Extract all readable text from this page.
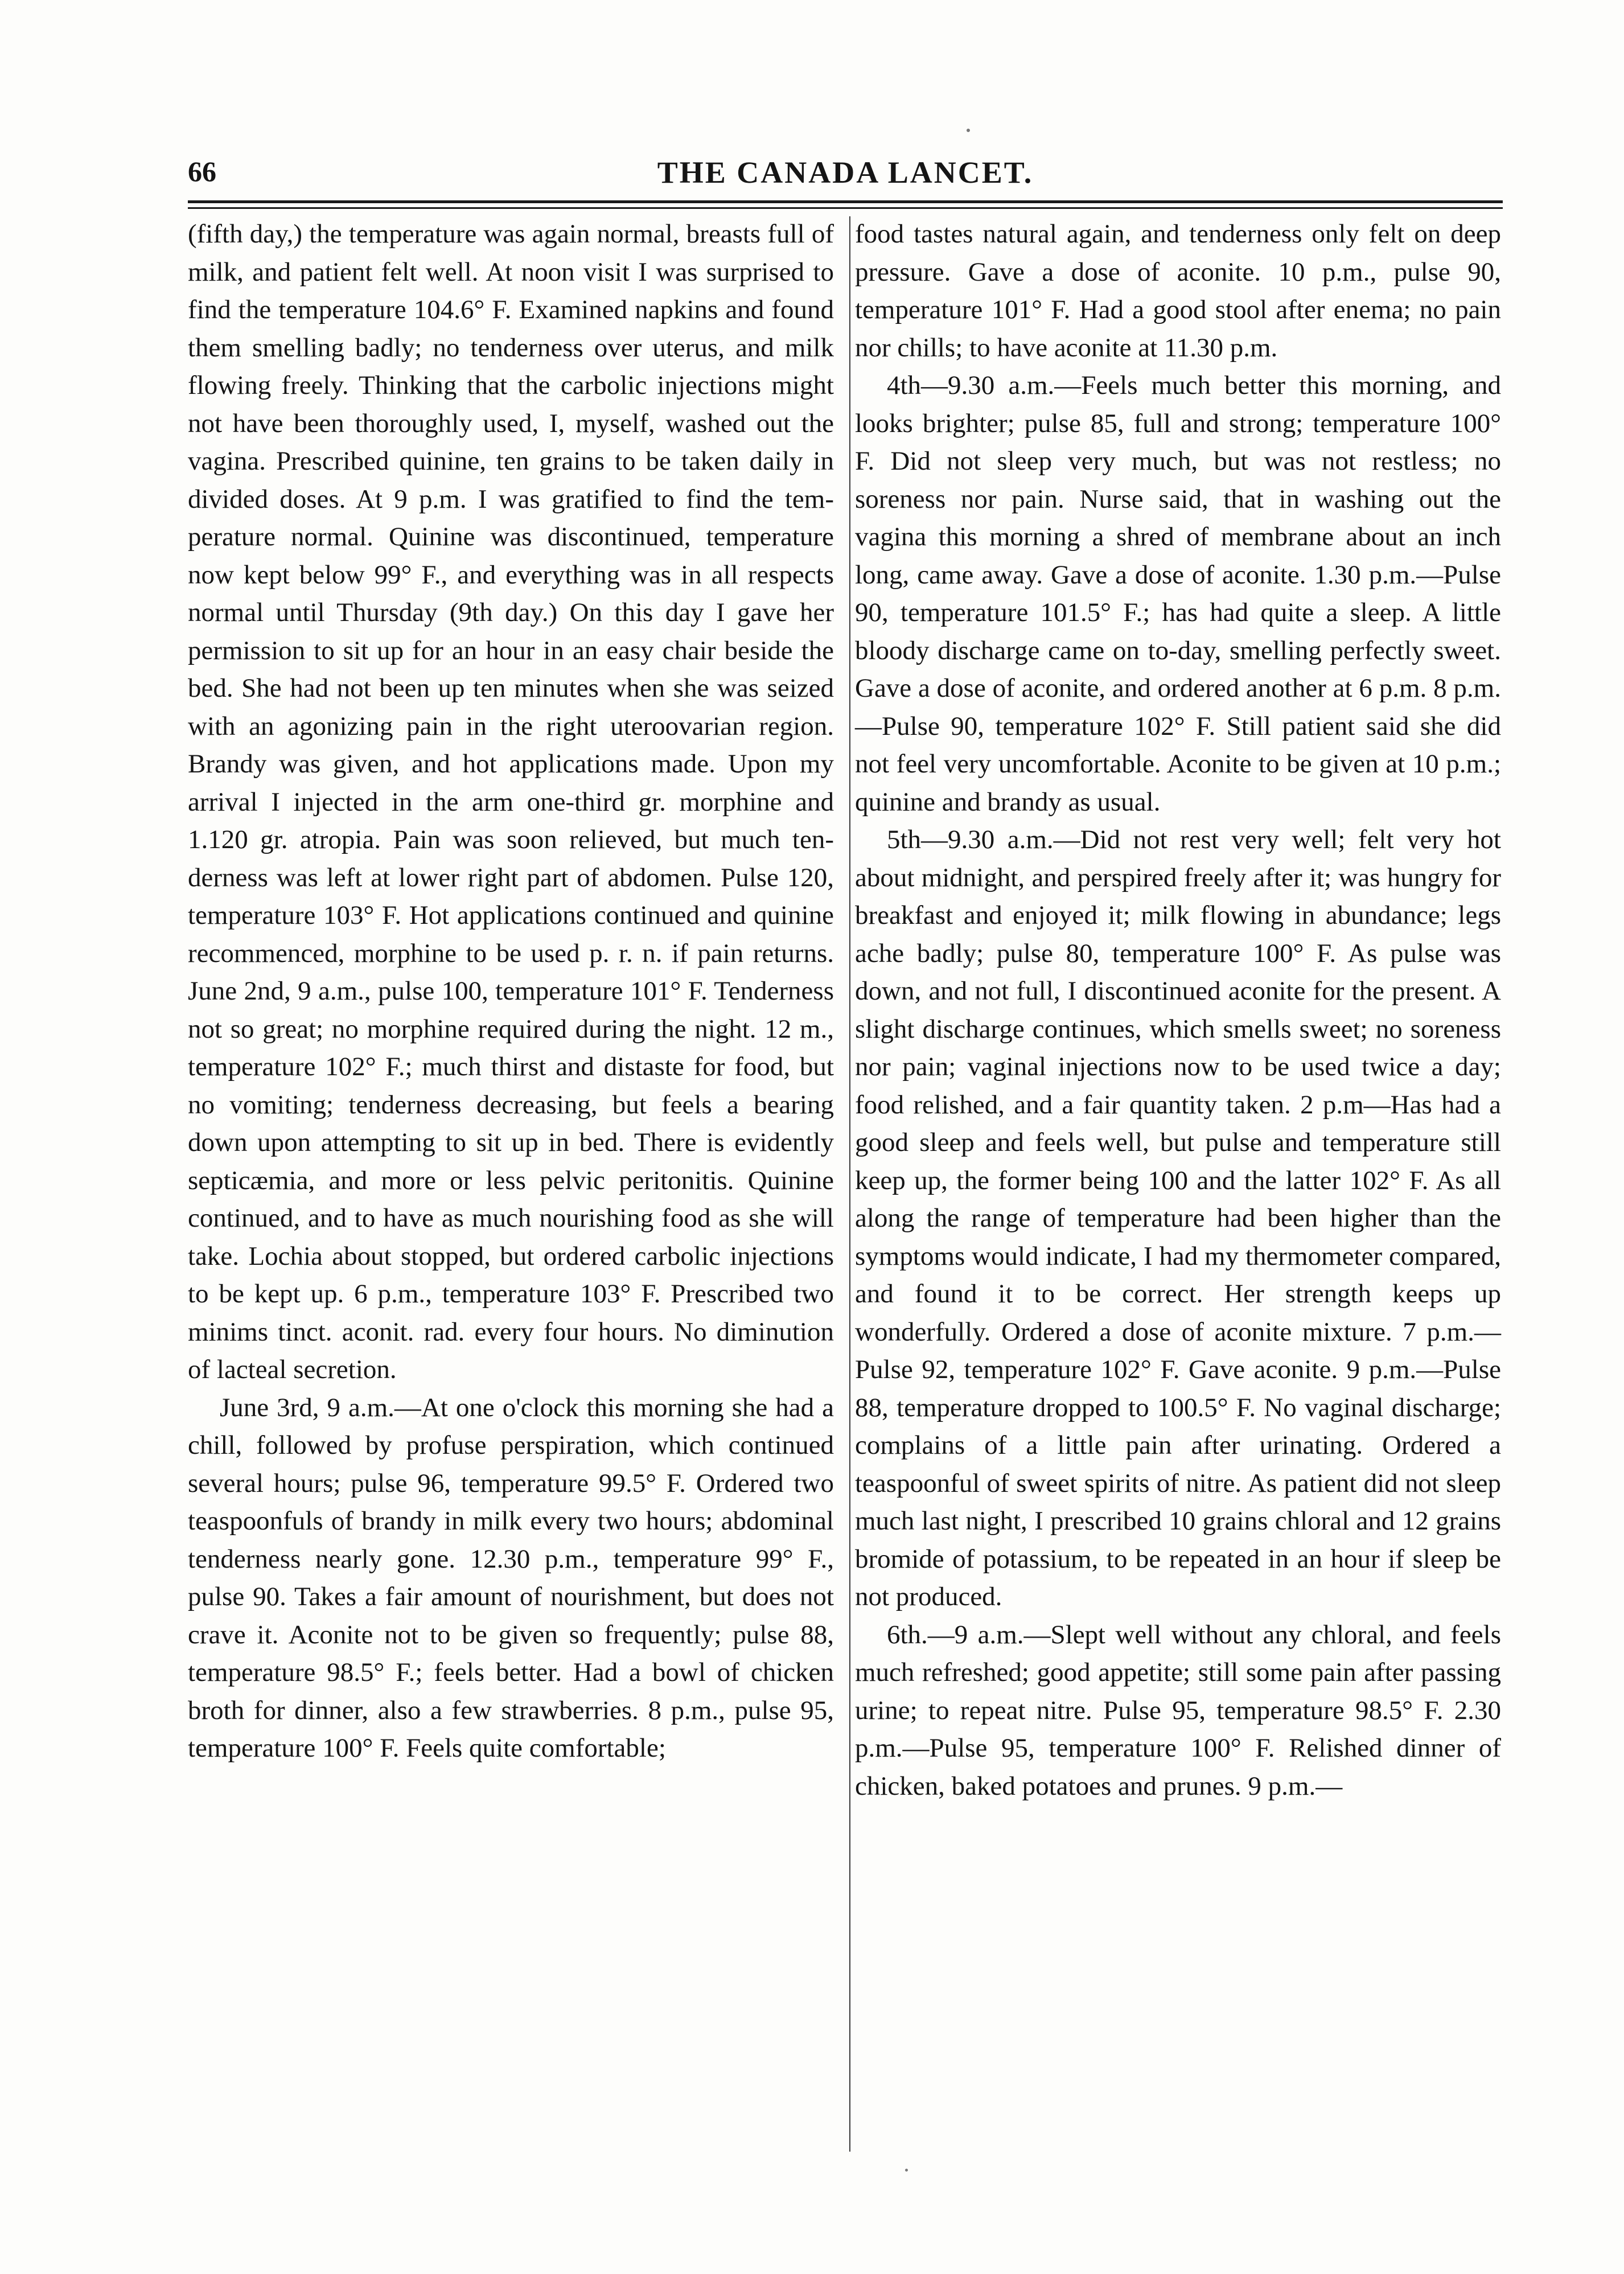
66	THE CANADA LANCET.

(fifth day,) the temperature was again normal, breasts full of milk, and patient felt well. At noon visit I was surprised to find the temperature 104.6° F. Examined napkins and found them smelling badly; no tenderness over uterus, and milk flowing freely. Thinking that the carbolic injections might not have been thoroughly used, I, myself, washed out the vagina. Prescribed quinine, ten grains to be taken daily in divided doses. At 9 p.m. I was gratified to find the temperature normal. Quinine was discontinued, temperature now kept below 99° F., and everything was in all respects normal until Thursday (9th day.) On this day I gave her permission to sit up for an hour in an easy chair beside the bed. She had not been up ten minutes when she was seized with an agonizing pain in the right uteroovarian region. Brandy was given, and hot applications made. Upon my arrival I injected in the arm one-third gr. morphine and 1.120 gr. atropia. Pain was soon relieved, but much tenderness was left at lower right part of abdomen. Pulse 120, temperature 103° F. Hot applications continued and quinine recommenced, morphine to be used p. r. n. if pain returns. June 2nd, 9 a.m., pulse 100, temperature 101° F. Tenderness not so great; no morphine required during the night. 12 m., temperature 102° F.; much thirst and distaste for food, but no vomiting; tenderness decreasing, but feels a bearing down upon attempting to sit up in bed. There is evidently septicæmia, and more or less pelvic peritonitis. Quinine continued, and to have as much nourishing food as she will take. Lochia about stopped, but ordered carbolic injections to be kept up. 6 p.m., temperature 103° F. Prescribed two minims tinct. aconit. rad. every four hours. No diminution of lacteal secretion.

June 3rd, 9 a.m.—At one o'clock this morning she had a chill, followed by profuse perspiration, which continued several hours; pulse 96, temperature 99.5° F. Ordered two teaspoonfuls of brandy in milk every two hours; abdominal tenderness nearly gone. 12.30 p.m., temperature 99° F., pulse 90. Takes a fair amount of nourishment, but does not crave it. Aconite not to be given so frequently; pulse 88, temperature 98.5° F.; feels better. Had a bowl of chicken broth for dinner, also a few strawberries. 8 p.m., pulse 95, temperature 100° F. Feels quite comfortable;

food tastes natural again, and tenderness only felt on deep pressure. Gave a dose of aconite. 10 p.m., pulse 90, temperature 101° F. Had a good stool after enema; no pain nor chills; to have aconite at 11.30 p.m.

4th—9.30 a.m.—Feels much better this morning, and looks brighter; pulse 85, full and strong; temperature 100° F. Did not sleep very much, but was not restless; no soreness nor pain. Nurse said, that in washing out the vagina this morning a shred of membrane about an inch long, came away. Gave a dose of aconite. 1.30 p.m.—Pulse 90, temperature 101.5° F.; has had quite a sleep. A little bloody discharge came on to-day, smelling perfectly sweet. Gave a dose of aconite, and ordered another at 6 p.m. 8 p.m.—Pulse 90, temperature 102° F. Still patient said she did not feel very uncomfortable. Aconite to be given at 10 p.m.; quinine and brandy as usual.

5th—9.30 a.m.—Did not rest very well; felt very hot about midnight, and perspired freely after it; was hungry for breakfast and enjoyed it; milk flowing in abundance; legs ache badly; pulse 80, temperature 100° F. As pulse was down, and not full, I discontinued aconite for the present. A slight discharge continues, which smells sweet; no soreness nor pain; vaginal injections now to be used twice a day; food relished, and a fair quantity taken. 2 p.m—Has had a good sleep and feels well, but pulse and temperature still keep up, the former being 100 and the latter 102° F. As all along the range of temperature had been higher than the symptoms would indicate, I had my thermometer compared, and found it to be correct. Her strength keeps up wonderfully. Ordered a dose of aconite mixture. 7 p.m.—Pulse 92, temperature 102° F. Gave aconite. 9 p.m.—Pulse 88, temperature dropped to 100.5° F. No vaginal discharge; complains of a little pain after urinating. Ordered a teaspoonful of sweet spirits of nitre. As patient did not sleep much last night, I prescribed 10 grains chloral and 12 grains bromide of potassium, to be repeated in an hour if sleep be not produced.

6th.—9 a.m.—Slept well without any chloral, and feels much refreshed; good appetite; still some pain after passing urine; to repeat nitre. Pulse 95, temperature 98.5° F. 2.30 p.m.—Pulse 95, temperature 100° F. Relished dinner of chicken, baked potatoes and prunes. 9 p.m.—
